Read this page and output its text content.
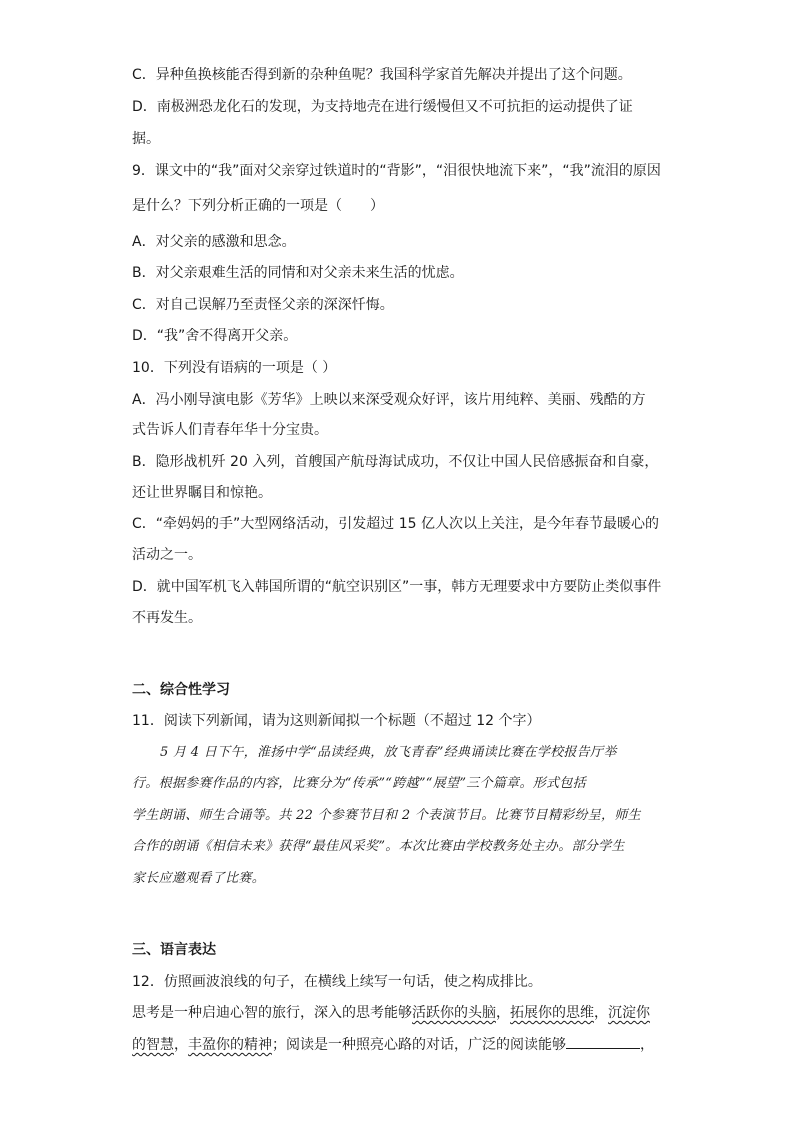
C．异种鱼换核能否得到新的杂种鱼呢？我国科学家首先解决并提出了这个问题。
D．南极洲恐龙化石的发现，为支持地壳在进行缓慢但又不可抗拒的运动提供了证
据。
9．课文中的“我”面对父亲穿过铁道时的“背影”，“泪很快地流下来”，“我”流泪的原因
是什么？下列分析正确的一项是（　　）
A．对父亲的感激和思念。
B．对父亲艰难生活的同情和对父亲未来生活的忧虑。
C．对自己误解乃至责怪父亲的深深忏悔。
D．“我”舍不得离开父亲。
10．下列没有语病的一项是（ ）
A．冯小刚导演电影《芳华》上映以来深受观众好评，该片用纯粹、美丽、残酷的方
式告诉人们青春年华十分宝贵。
B．隐形战机歼 20 入列，首艘国产航母海试成功，不仅让中国人民倍感振奋和自豪，
还让世界瞩目和惊艳。
C．“牵妈妈的手”大型网络活动，引发超过 15 亿人次以上关注，是今年春节最暖心的
活动之一。
D．就中国军机飞入韩国所谓的“航空识别区”一事，韩方无理要求中方要防止类似事件
不再发生。
二、综合性学习
11．阅读下列新闻，请为这则新闻拟一个标题（不超过 12 个字）
5 月 4 日下午，淮扬中学“品读经典，放飞青春”经典诵读比赛在学校报告厅举
行。根据参赛作品的内容，比赛分为“传承”“跨越”“展望”三个篇章。形式包括
学生朗诵、师生合诵等。共 22 个参赛节目和 2 个表演节目。比赛节目精彩纷呈，师生
合作的朗诵《相信未来》获得“最佳风采奖”。本次比赛由学校教务处主办。部分学生
家长应邀观看了比赛。
三、语言表达
12．仿照画波浪线的句子，在横线上续写一句话，使之构成排比。
思考是一种启迪心智的旅行，深入的思考能够活跃你的头脑，拓展你的思维，沉淀你
的智慧，丰盈你的精神；阅读是一种照亮心路的对话，广泛的阅读能够	，
